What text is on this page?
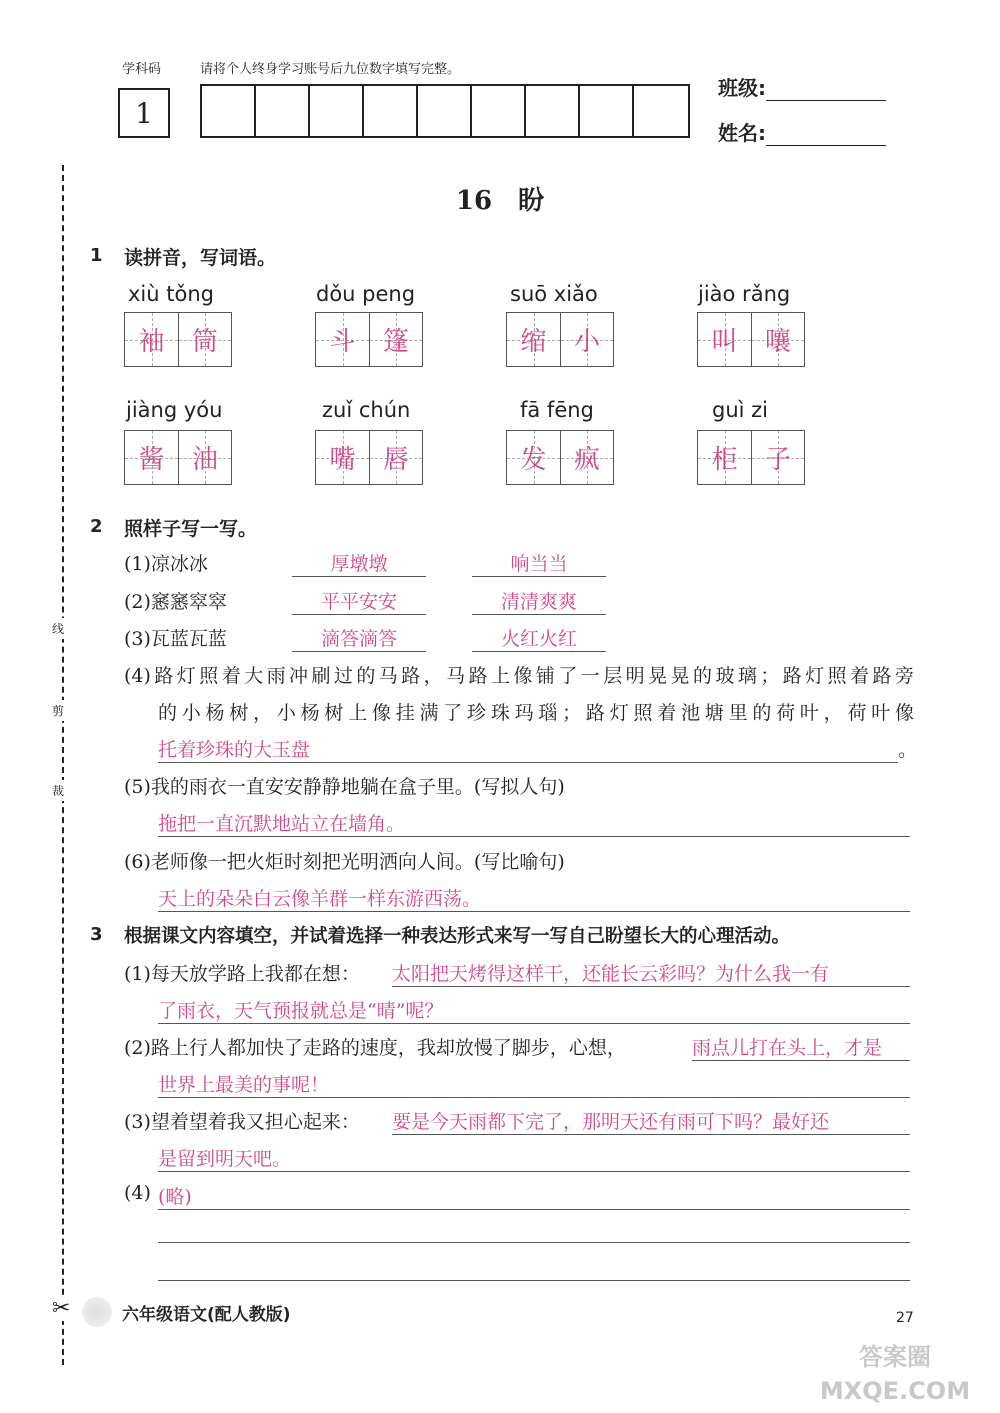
学科码	请将个人终身学习账号后九位数字填写完整。
1
班级:
姓名:
线
剪
裁
✂
16　盼
1 读拼音，写词语。
xiù tǒng
袖 筒
dǒu peng
斗 篷
suō xiǎo
缩 小
jiào rǎng
叫 嚷
jiàng yóu
酱 油
zuǐ chún
嘴 唇
fā fēng
发 疯
guì zi
柜 子
2 照样子写一写。
(1)凉冰冰	厚墩墩	响当当
(2)窸窸窣窣	平平安安	清清爽爽
(3)瓦蓝瓦蓝	滴答滴答	火红火红
(4)路灯照着大雨冲刷过的马路，马路上像铺了一层明晃晃的玻璃；路灯照着路旁
的小杨树，小杨树上像挂满了珍珠玛瑙；路灯照着池塘里的荷叶，荷叶像
托着珍珠的大玉盘	。
(5)我的雨衣一直安安静静地躺在盒子里。(写拟人句)
拖把一直沉默地站立在墙角。
(6)老师像一把火炬时刻把光明洒向人间。(写比喻句)
天上的朵朵白云像羊群一样东游西荡。
3 根据课文内容填空，并试着选择一种表达形式来写一写自己盼望长大的心理活动。
(1)每天放学路上我都在想： 太阳把天烤得这样干，还能长云彩吗？为什么我一有
了雨衣，天气预报就总是“晴”呢？
(2)路上行人都加快了走路的速度，我却放慢了脚步，心想，	雨点儿打在头上，才是
世界上最美的事呢！
(3)望着望着我又担心起来： 要是今天雨都下完了，那明天还有雨可下吗？最好还
是留到明天吧。
(4) (略)
六年级语文(配人教版)	27
答案圈 MXQE.COM
